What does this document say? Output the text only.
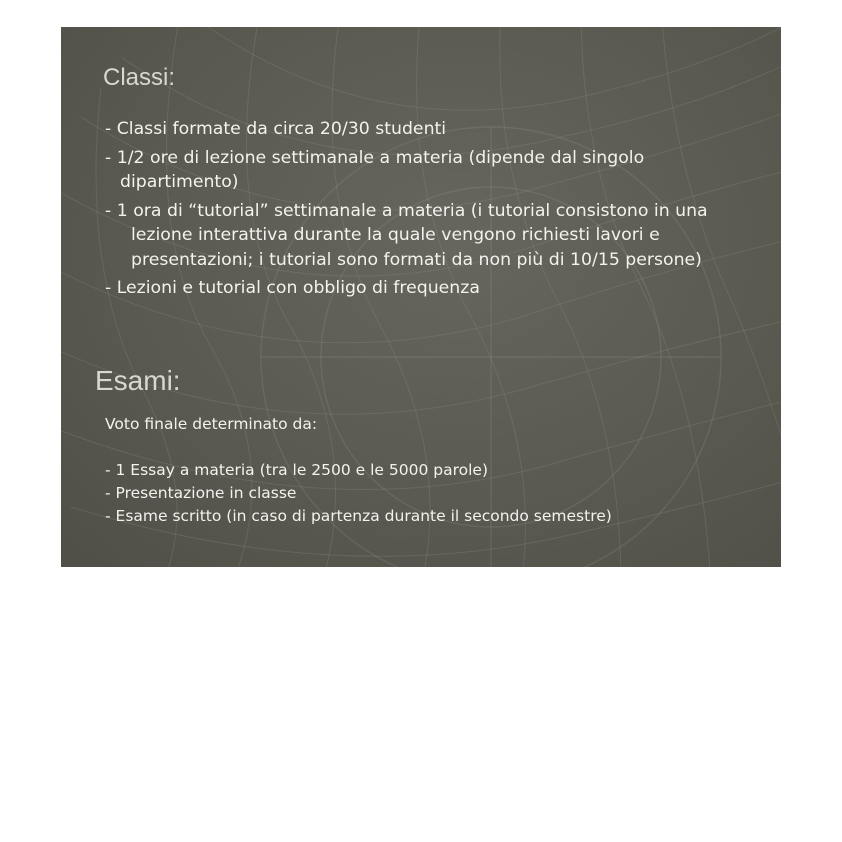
Classi:
- Classi formate da circa 20/30 studenti
- 1/2 ore di lezione settimanale a materia (dipende dal singolo dipartimento)
- 1 ora di “tutorial” settimanale a materia (i tutorial consistono in una lezione interattiva durante la quale vengono richiesti lavori e presentazioni; i tutorial sono formati da non più di 10/15 persone)
- Lezioni e tutorial con obbligo di frequenza
Esami:

Voto finale determinato da:

- 1 Essay a materia (tra le 2500 e le 5000 parole)
- Presentazione in classe
- Esame scritto (in caso di partenza durante il secondo semestre)
